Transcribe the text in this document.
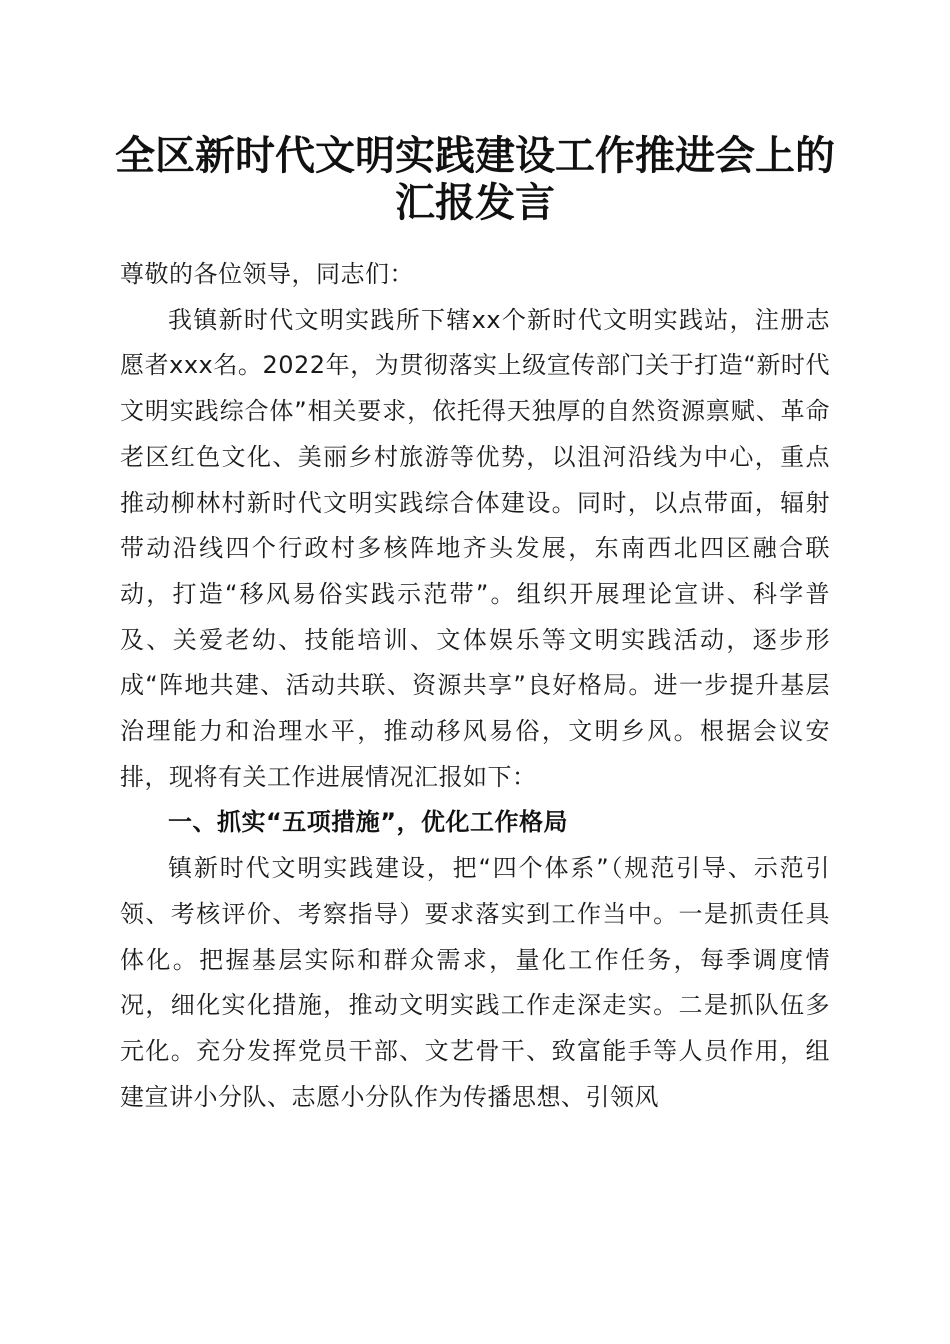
全区新时代文明实践建设工作推进会上的汇报发言

尊敬的各位领导，同志们：

我镇新时代文明实践所下辖xx个新时代文明实践站，注册志愿者xxx名。2022年，为贯彻落实上级宣传部门关于打造“新时代文明实践综合体”相关要求，依托得天独厚的自然资源禀赋、革命老区红色文化、美丽乡村旅游等优势，以沮河沿线为中心，重点推动柳林村新时代文明实践综合体建设。同时，以点带面，辐射带动沿线四个行政村多核阵地齐头发展，东南西北四区融合联动，打造“移风易俗实践示范带”。组织开展理论宣讲、科学普及、关爱老幼、技能培训、文体娱乐等文明实践活动，逐步形成“阵地共建、活动共联、资源共享”良好格局。进一步提升基层治理能力和治理水平，推动移风易俗，文明乡风。根据会议安排，现将有关工作进展情况汇报如下：

一、抓实“五项措施”，优化工作格局

镇新时代文明实践建设，把“四个体系”（规范引导、示范引领、考核评价、考察指导）要求落实到工作当中。一是抓责任具体化。把握基层实际和群众需求，量化工作任务，每季调度情况，细化实化措施，推动文明实践工作走深走实。二是抓队伍多元化。充分发挥党员干部、文艺骨干、致富能手等人员作用，组建宣讲小分队、志愿小分队作为传播思想、引领风
